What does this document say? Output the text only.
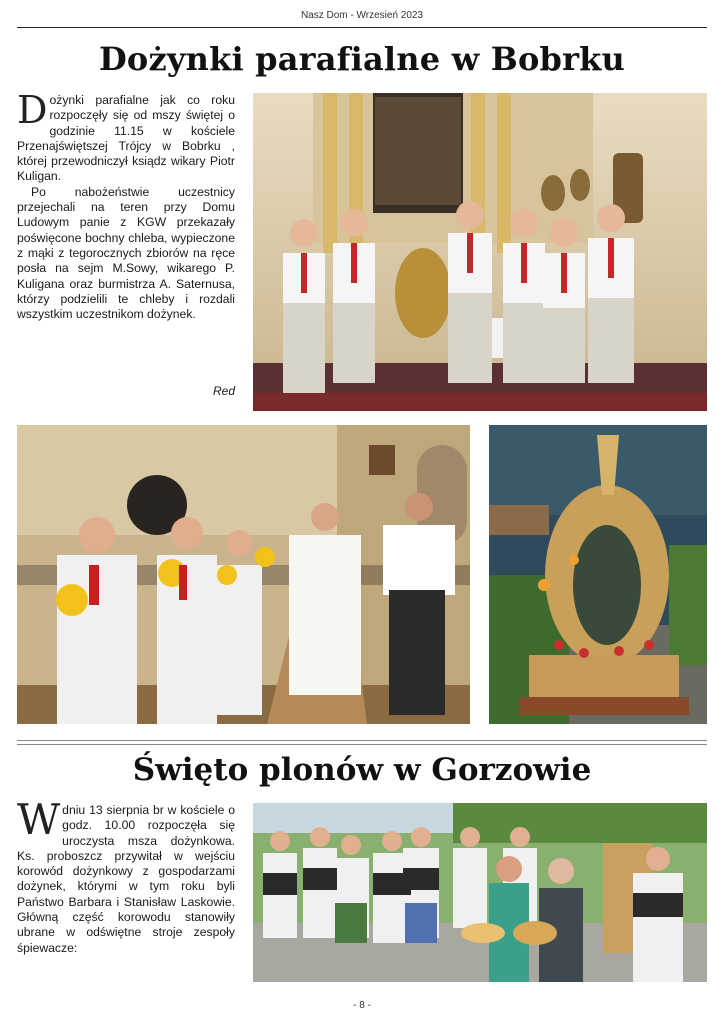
Nasz Dom - Wrzesień 2023
Dożynki parafialne w Bobrku

Dożynki parafialne jak co roku rozpoczęły się od mszy świętej o godzinie 11.15 w kościele Przenajświętszej Trójcy w Bobrku , której przewodniczył ksiądz wikary Piotr Kuligan.

Po nabożeństwie uczestnicy przejechali na teren przy Domu Ludowym panie z KGW przekazały poświęcone bochny chleba, wypieczone z mąki z tegorocznych zbiorów na ręce posła na sejm M.Sowy, wikarego P. Kuligana oraz burmistrza A. Saternusa, którzy podzielili te chleby i rozdali wszystkim uczestnikom dożynek.

Red
Święto plonów w Gorzowie

Wdniu 13 sierpnia br w kościele o godz. 10.00 rozpoczęła się uroczysta msza dożynkowa. Ks. proboszcz przywitał w wejściu korowód dożynkowy z gospodarzami dożynek, którymi w tym roku byli Państwo Barbara i Stanisław Laskowie. Główną część korowodu stanowiły ubrane w odświętne stroje zespoły śpiewacze:

- 8 -
